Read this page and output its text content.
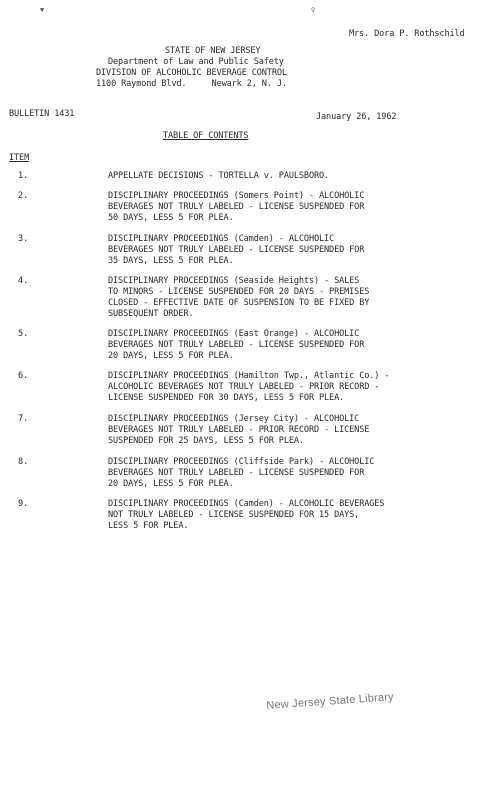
▼	♀
Mrs. Dora P. Rothschild
STATE OF NEW JERSEY
Department of Law and Public Safety
DIVISION OF ALCOHOLIC BEVERAGE CONTROL
1100 Raymond Blvd.     Newark 2, N. J.
BULLETIN 1431	January 26, 1962
TABLE OF CONTENTS
ITEM
1.	APPELLATE DECISIONS - TORTELLA v. PAULSBORO.
2.	DISCIPLINARY PROCEEDINGS (Somers Point) - ALCOHOLIC
BEVERAGES NOT TRULY LABELED - LICENSE SUSPENDED FOR
50 DAYS, LESS 5 FOR PLEA.
3.	DISCIPLINARY PROCEEDINGS (Camden) - ALCOHOLIC
BEVERAGES NOT TRULY LABELED - LICENSE SUSPENDED FOR
35 DAYS, LESS 5 FOR PLEA.
4.	DISCIPLINARY PROCEEDINGS (Seaside Heights) - SALES
TO MINORS - LICENSE SUSPENDED FOR 20 DAYS - PREMISES
CLOSED - EFFECTIVE DATE OF SUSPENSION TO BE FIXED BY
SUBSEQUENT ORDER.
5.	DISCIPLINARY PROCEEDINGS (East Orange) - ALCOHOLIC
BEVERAGES NOT TRULY LABELED - LICENSE SUSPENDED FOR
20 DAYS, LESS 5 FOR PLEA.
6.	DISCIPLINARY PROCEEDINGS (Hamilton Twp., Atlantic Co.) -
ALCOHOLIC BEVERAGES NOT TRULY LABELED - PRIOR RECORD -
LICENSE SUSPENDED FOR 30 DAYS, LESS 5 FOR PLEA.
7.	DISCIPLINARY PROCEEDINGS (Jersey City) - ALCOHOLIC
BEVERAGES NOT TRULY LABELED - PRIOR RECORD - LICENSE
SUSPENDED FOR 25 DAYS, LESS 5 FOR PLEA.
8.	DISCIPLINARY PROCEEDINGS (Cliffside Park) - ALCOHOLIC
BEVERAGES NOT TRULY LABELED - LICENSE SUSPENDED FOR
20 DAYS, LESS 5 FOR PLEA.
9.	DISCIPLINARY PROCEEDINGS (Camden) - ALCOHOLIC BEVERAGES
NOT TRULY LABELED - LICENSE SUSPENDED FOR 15 DAYS,
LESS 5 FOR PLEA.
New Jersey State Library
